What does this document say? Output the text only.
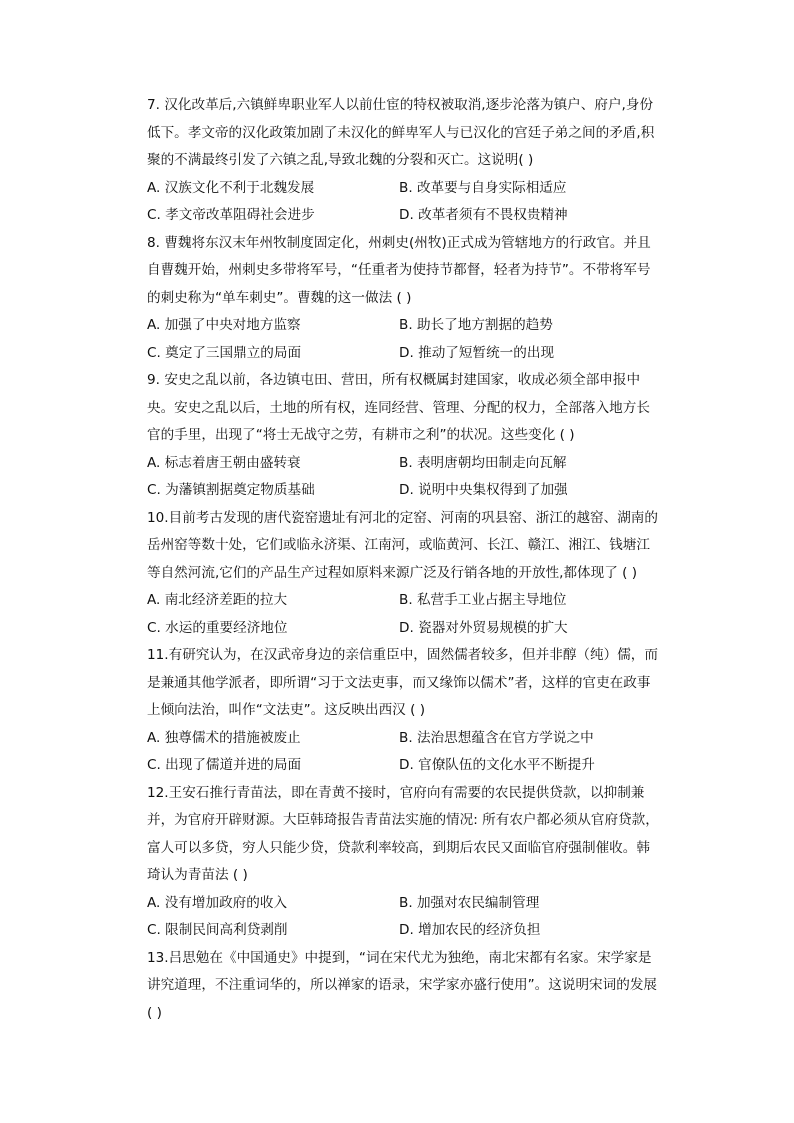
7. 汉化改革后,六镇鲜卑职业军人以前仕宦的特权被取消,逐步沦落为镇户、府户,身份低下。孝文帝的汉化政策加剧了未汉化的鲜卑军人与已汉化的宫廷子弟之间的矛盾,积聚的不满最终引发了六镇之乱,导致北魏的分裂和灭亡。这说明( )

A. 汉族文化不利于北魏发展	B. 改革要与自身实际相适应
C. 孝文帝改革阻碍社会进步	D. 改革者须有不畏权贵精神

8. 曹魏将东汉末年州牧制度固定化，州刺史(州牧)正式成为管辖地方的行政官。并且自曹魏开始，州刺史多带将军号，“任重者为使持节都督，轻者为持节”。不带将军号的刺史称为“单车刺史”。曹魏的这一做法 ( )

A. 加强了中央对地方监察	B. 助长了地方割据的趋势
C. 奠定了三国鼎立的局面	D. 推动了短暂统一的出现

9. 安史之乱以前，各边镇屯田、营田，所有权概属封建国家，收成必须全部申报中央。安史之乱以后，土地的所有权，连同经营、管理、分配的权力，全部落入地方长官的手里，出现了“将士无战守之劳，有耕市之利”的状况。这些变化 ( )

A. 标志着唐王朝由盛转衰	B. 表明唐朝均田制走向瓦解
C. 为藩镇割据奠定物质基础	D. 说明中央集权得到了加强

10.目前考古发现的唐代瓷窑遗址有河北的定窑、河南的巩县窑、浙江的越窑、湖南的岳州窑等数十处，它们或临永济渠、江南河，或临黄河、长江、赣江、湘江、钱塘江等自然河流,它们的产品生产过程如原料来源广泛及行销各地的开放性,都体现了 ( )

A. 南北经济差距的拉大	B. 私营手工业占据主导地位
C. 水运的重要经济地位	D. 瓷器对外贸易规模的扩大

11.有研究认为，在汉武帝身边的亲信重臣中，固然儒者较多，但并非醇（纯）儒，而是兼通其他学派者，即所谓“习于文法吏事，而又缘饰以儒术”者，这样的官吏在政事上倾向法治，叫作“文法吏”。这反映出西汉 ( )

A. 独尊儒术的措施被废止	B. 法治思想蕴含在官方学说之中
C. 出现了儒道并进的局面	D. 官僚队伍的文化水平不断提升

12.王安石推行青苗法，即在青黄不接时，官府向有需要的农民提供贷款，以抑制兼并，为官府开辟财源。大臣韩琦报告青苗法实施的情况: 所有农户都必须从官府贷款，富人可以多贷，穷人只能少贷，贷款利率较高，到期后农民又面临官府强制催收。韩琦认为青苗法 ( )

A. 没有增加政府的收入	B. 加强对农民编制管理
C. 限制民间高利贷剥削	D. 增加农民的经济负担

13.吕思勉在《中国通史》中提到，“词在宋代尤为独绝，南北宋都有名家。宋学家是讲究道理，不注重词华的，所以禅家的语录，宋学家亦盛行使用”。这说明宋词的发展 ( )
